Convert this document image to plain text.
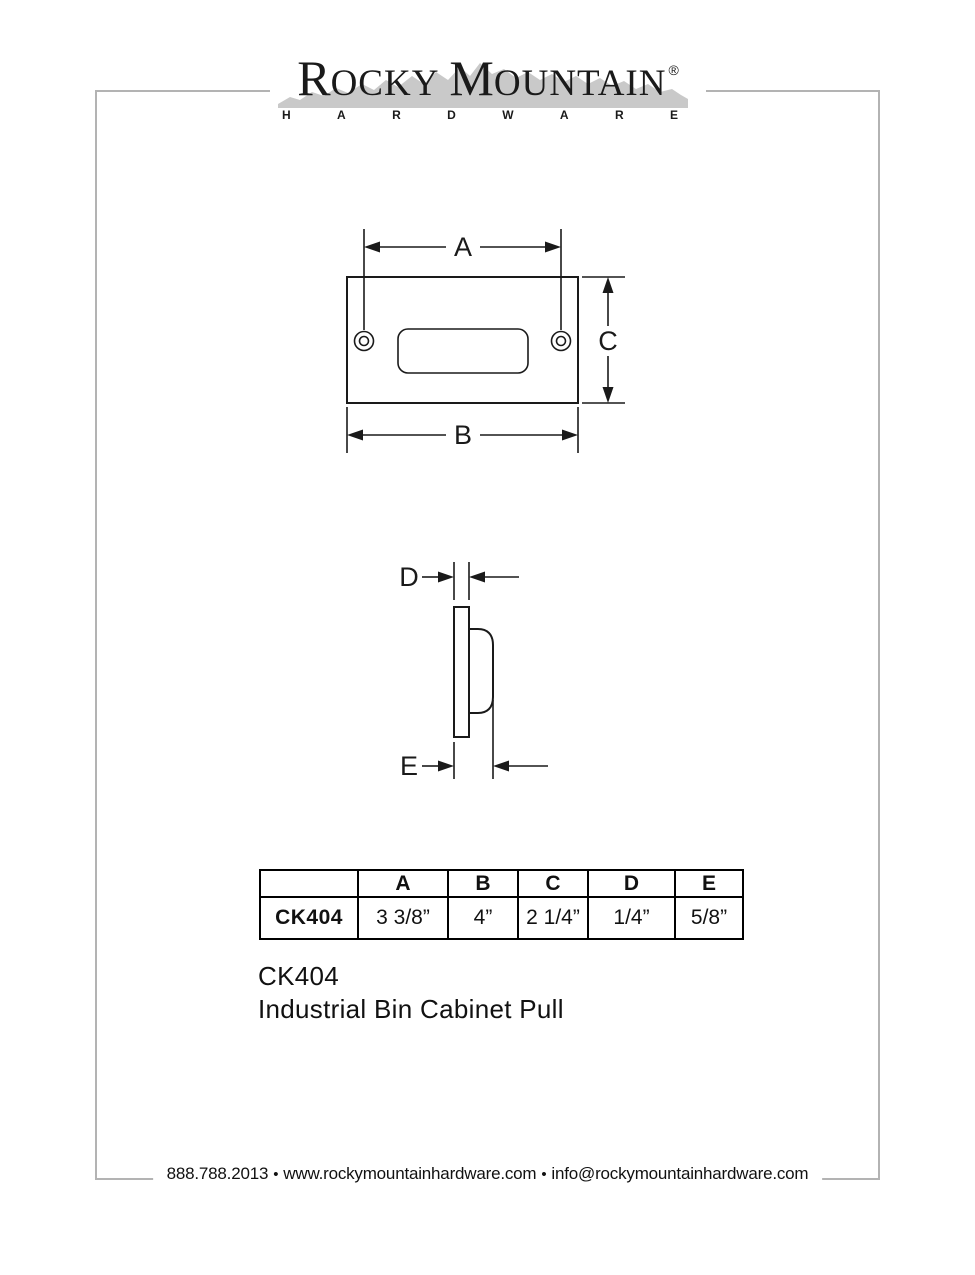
ROCKY MOUNTAIN ®
H	A	R	D	W	A	R	E
A
C
B
D
E
	A	B	C	D	E
CK404	3 3/8”	4”	2 1/4”	1/4”	5/8”
CK404
Industrial Bin Cabinet Pull
888.788.2013 • www.rockymountainhardware.com • info@rockymountainhardware.com
